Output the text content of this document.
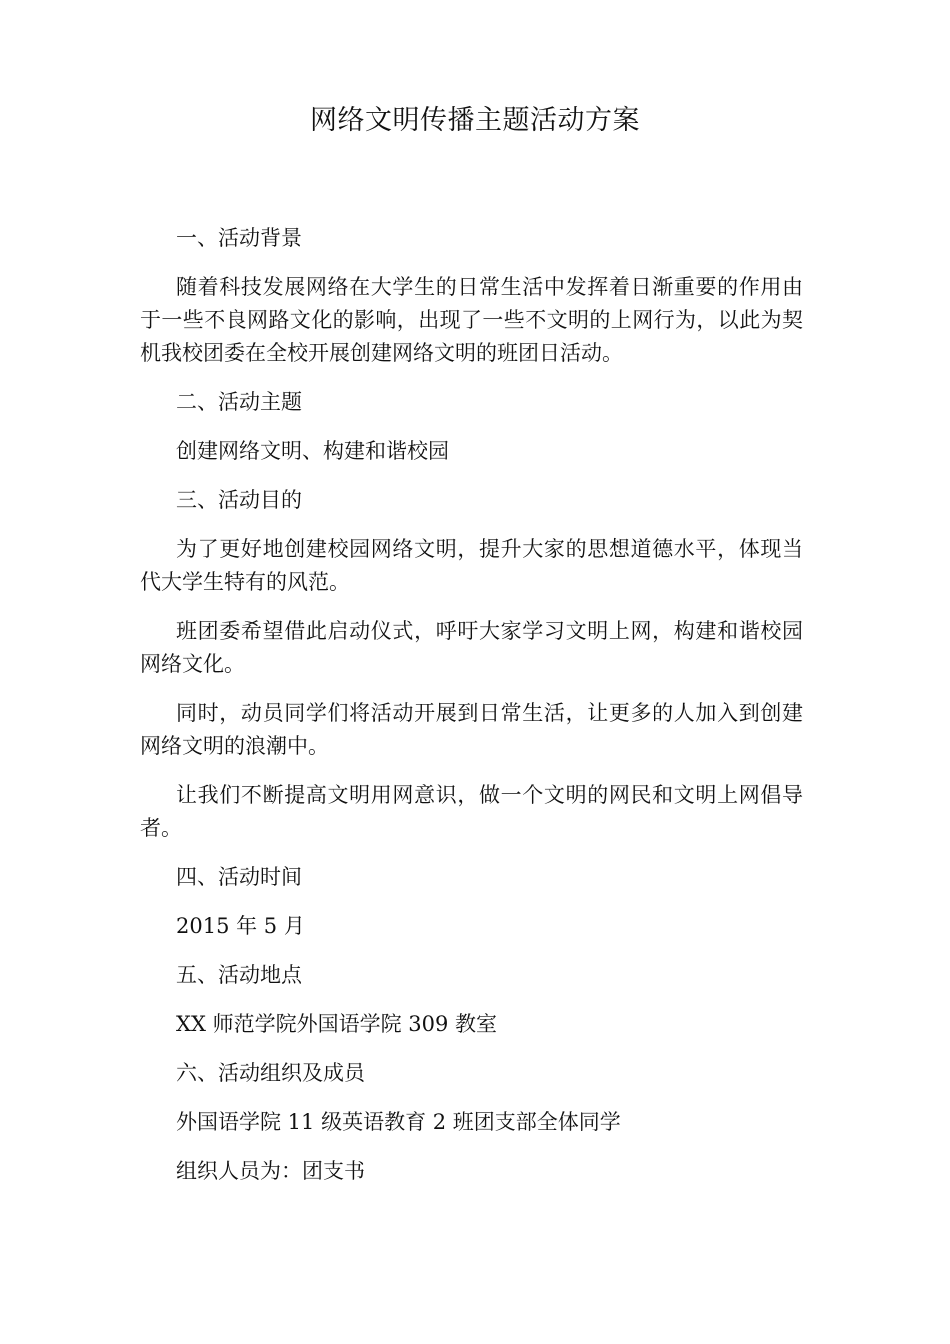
网络文明传播主题活动方案

一、活动背景

随着科技发展网络在大学生的日常生活中发挥着日渐重要的作用由于一些不良网路文化的影响，出现了一些不文明的上网行为，以此为契机我校团委在全校开展创建网络文明的班团日活动。

二、活动主题

创建网络文明、构建和谐校园

三、活动目的

为了更好地创建校园网络文明，提升大家的思想道德水平，体现当代大学生特有的风范。

班团委希望借此启动仪式，呼吁大家学习文明上网，构建和谐校园网络文化。

同时，动员同学们将活动开展到日常生活，让更多的人加入到创建网络文明的浪潮中。

让我们不断提高文明用网意识，做一个文明的网民和文明上网倡导者。

四、活动时间

2015 年 5 月

五、活动地点

XX 师范学院外国语学院 309 教室

六、活动组织及成员

外国语学院 11 级英语教育 2 班团支部全体同学

组织人员为：团支书
